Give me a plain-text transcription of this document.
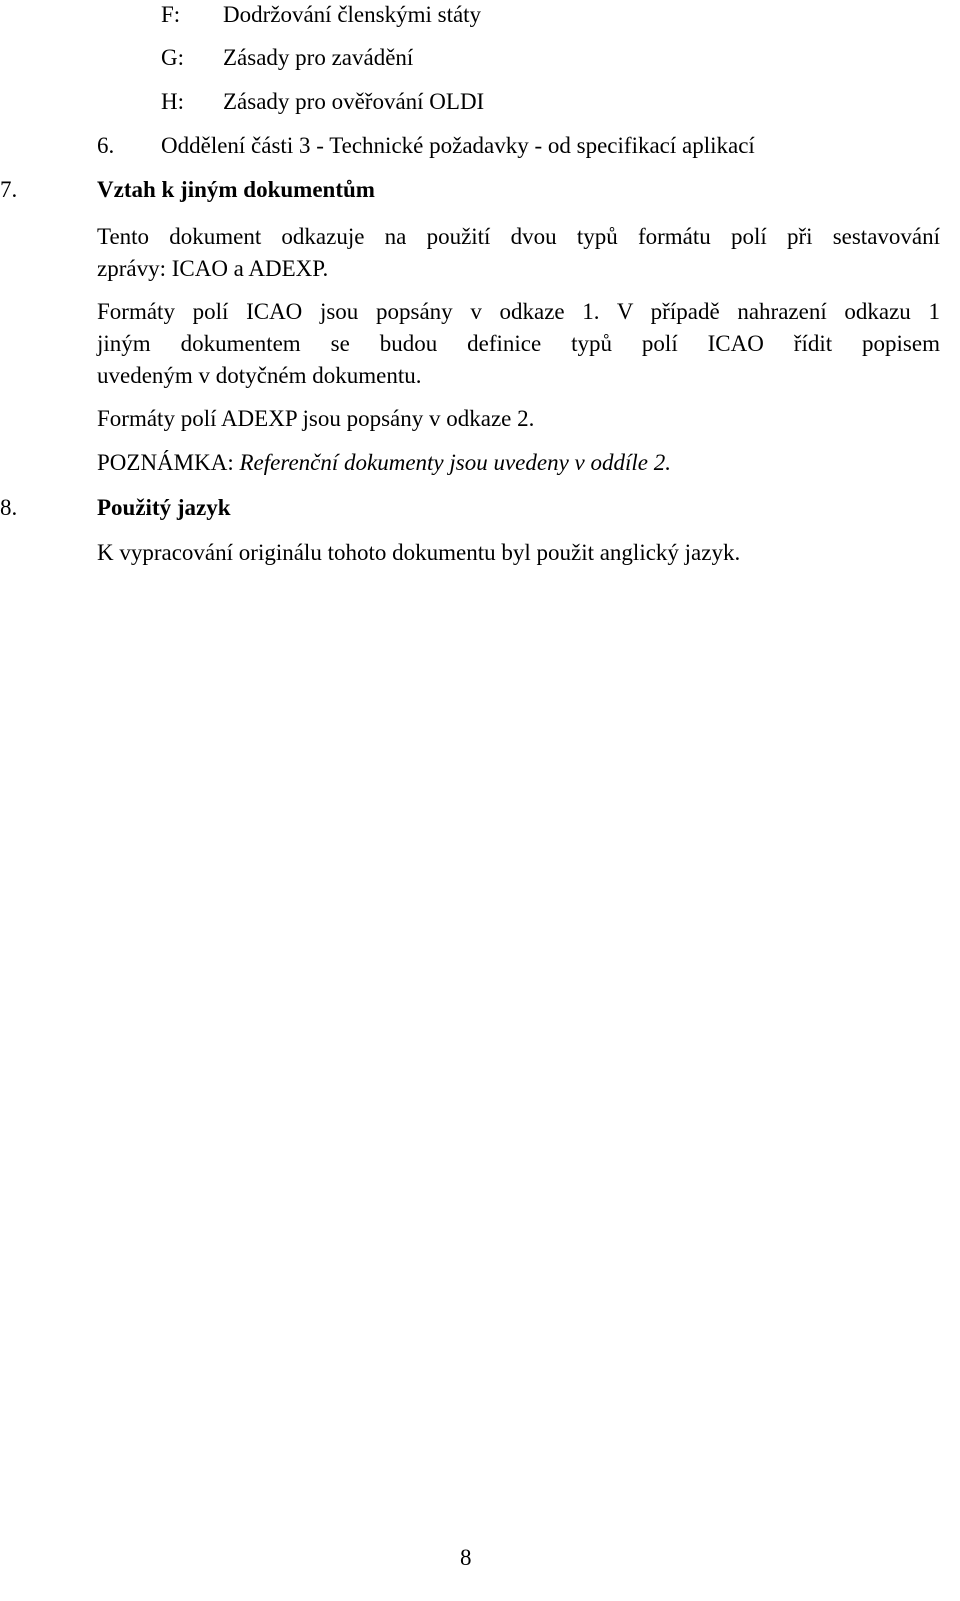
F: Dodržování členskými státy
G: Zásady pro zavádění
H: Zásady pro ověřování OLDI
6. Oddělení části 3 - Technické požadavky - od specifikací aplikací
7.	Vztah k jiným dokumentům
Tento dokument odkazuje na použití dvou typů formátu polí při sestavování
zprávy: ICAO a ADEXP.
Formáty polí ICAO jsou popsány v odkaze 1. V případě nahrazení odkazu 1
jiným dokumentem se budou definice typů polí ICAO řídit popisem
uvedeným v dotyčném dokumentu.
Formáty polí ADEXP jsou popsány v odkaze 2.
POZNÁMKA: Referenční dokumenty jsou uvedeny v oddíle 2.
8.	Použitý jazyk
K vypracování originálu tohoto dokumentu byl použit anglický jazyk.
8
